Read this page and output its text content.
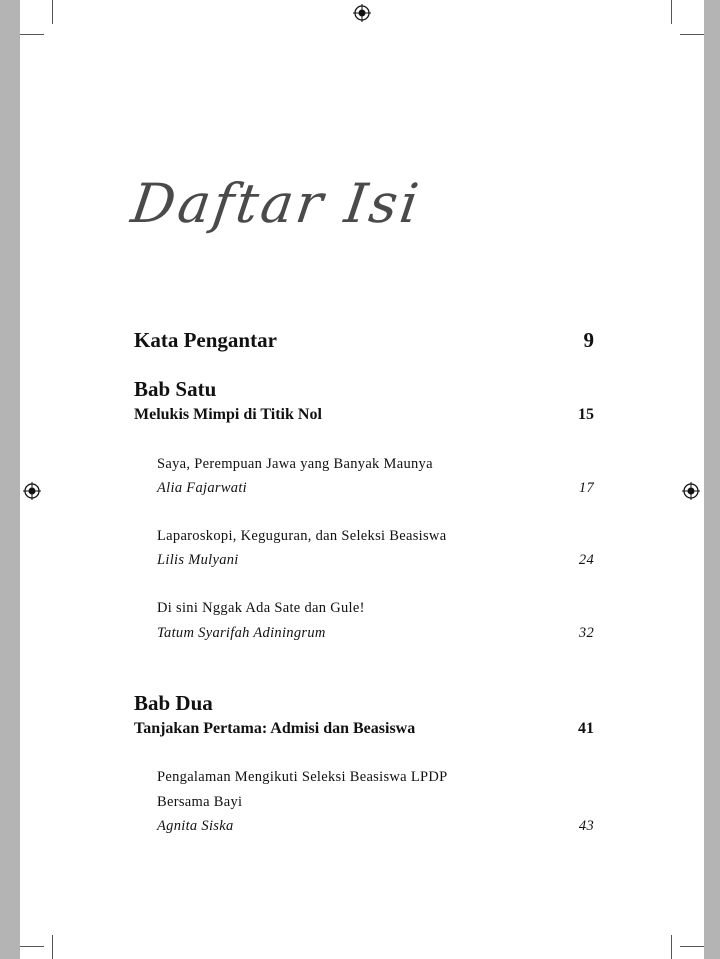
Daftar Isi
Kata Pengantar	9
Bab Satu
Melukis Mimpi di Titik Nol	15
Saya, Perempuan Jawa yang Banyak Maunya
Alia Fajarwati	17
Laparoskopi, Keguguran, dan Seleksi Beasiswa
Lilis Mulyani	24
Di sini Nggak Ada Sate dan Gule!
Tatum Syarifah Adiningrum	32
Bab Dua
Tanjakan Pertama: Admisi dan Beasiswa	41
Pengalaman Mengikuti Seleksi Beasiswa LPDP
Bersama Bayi
Agnita Siska	43
